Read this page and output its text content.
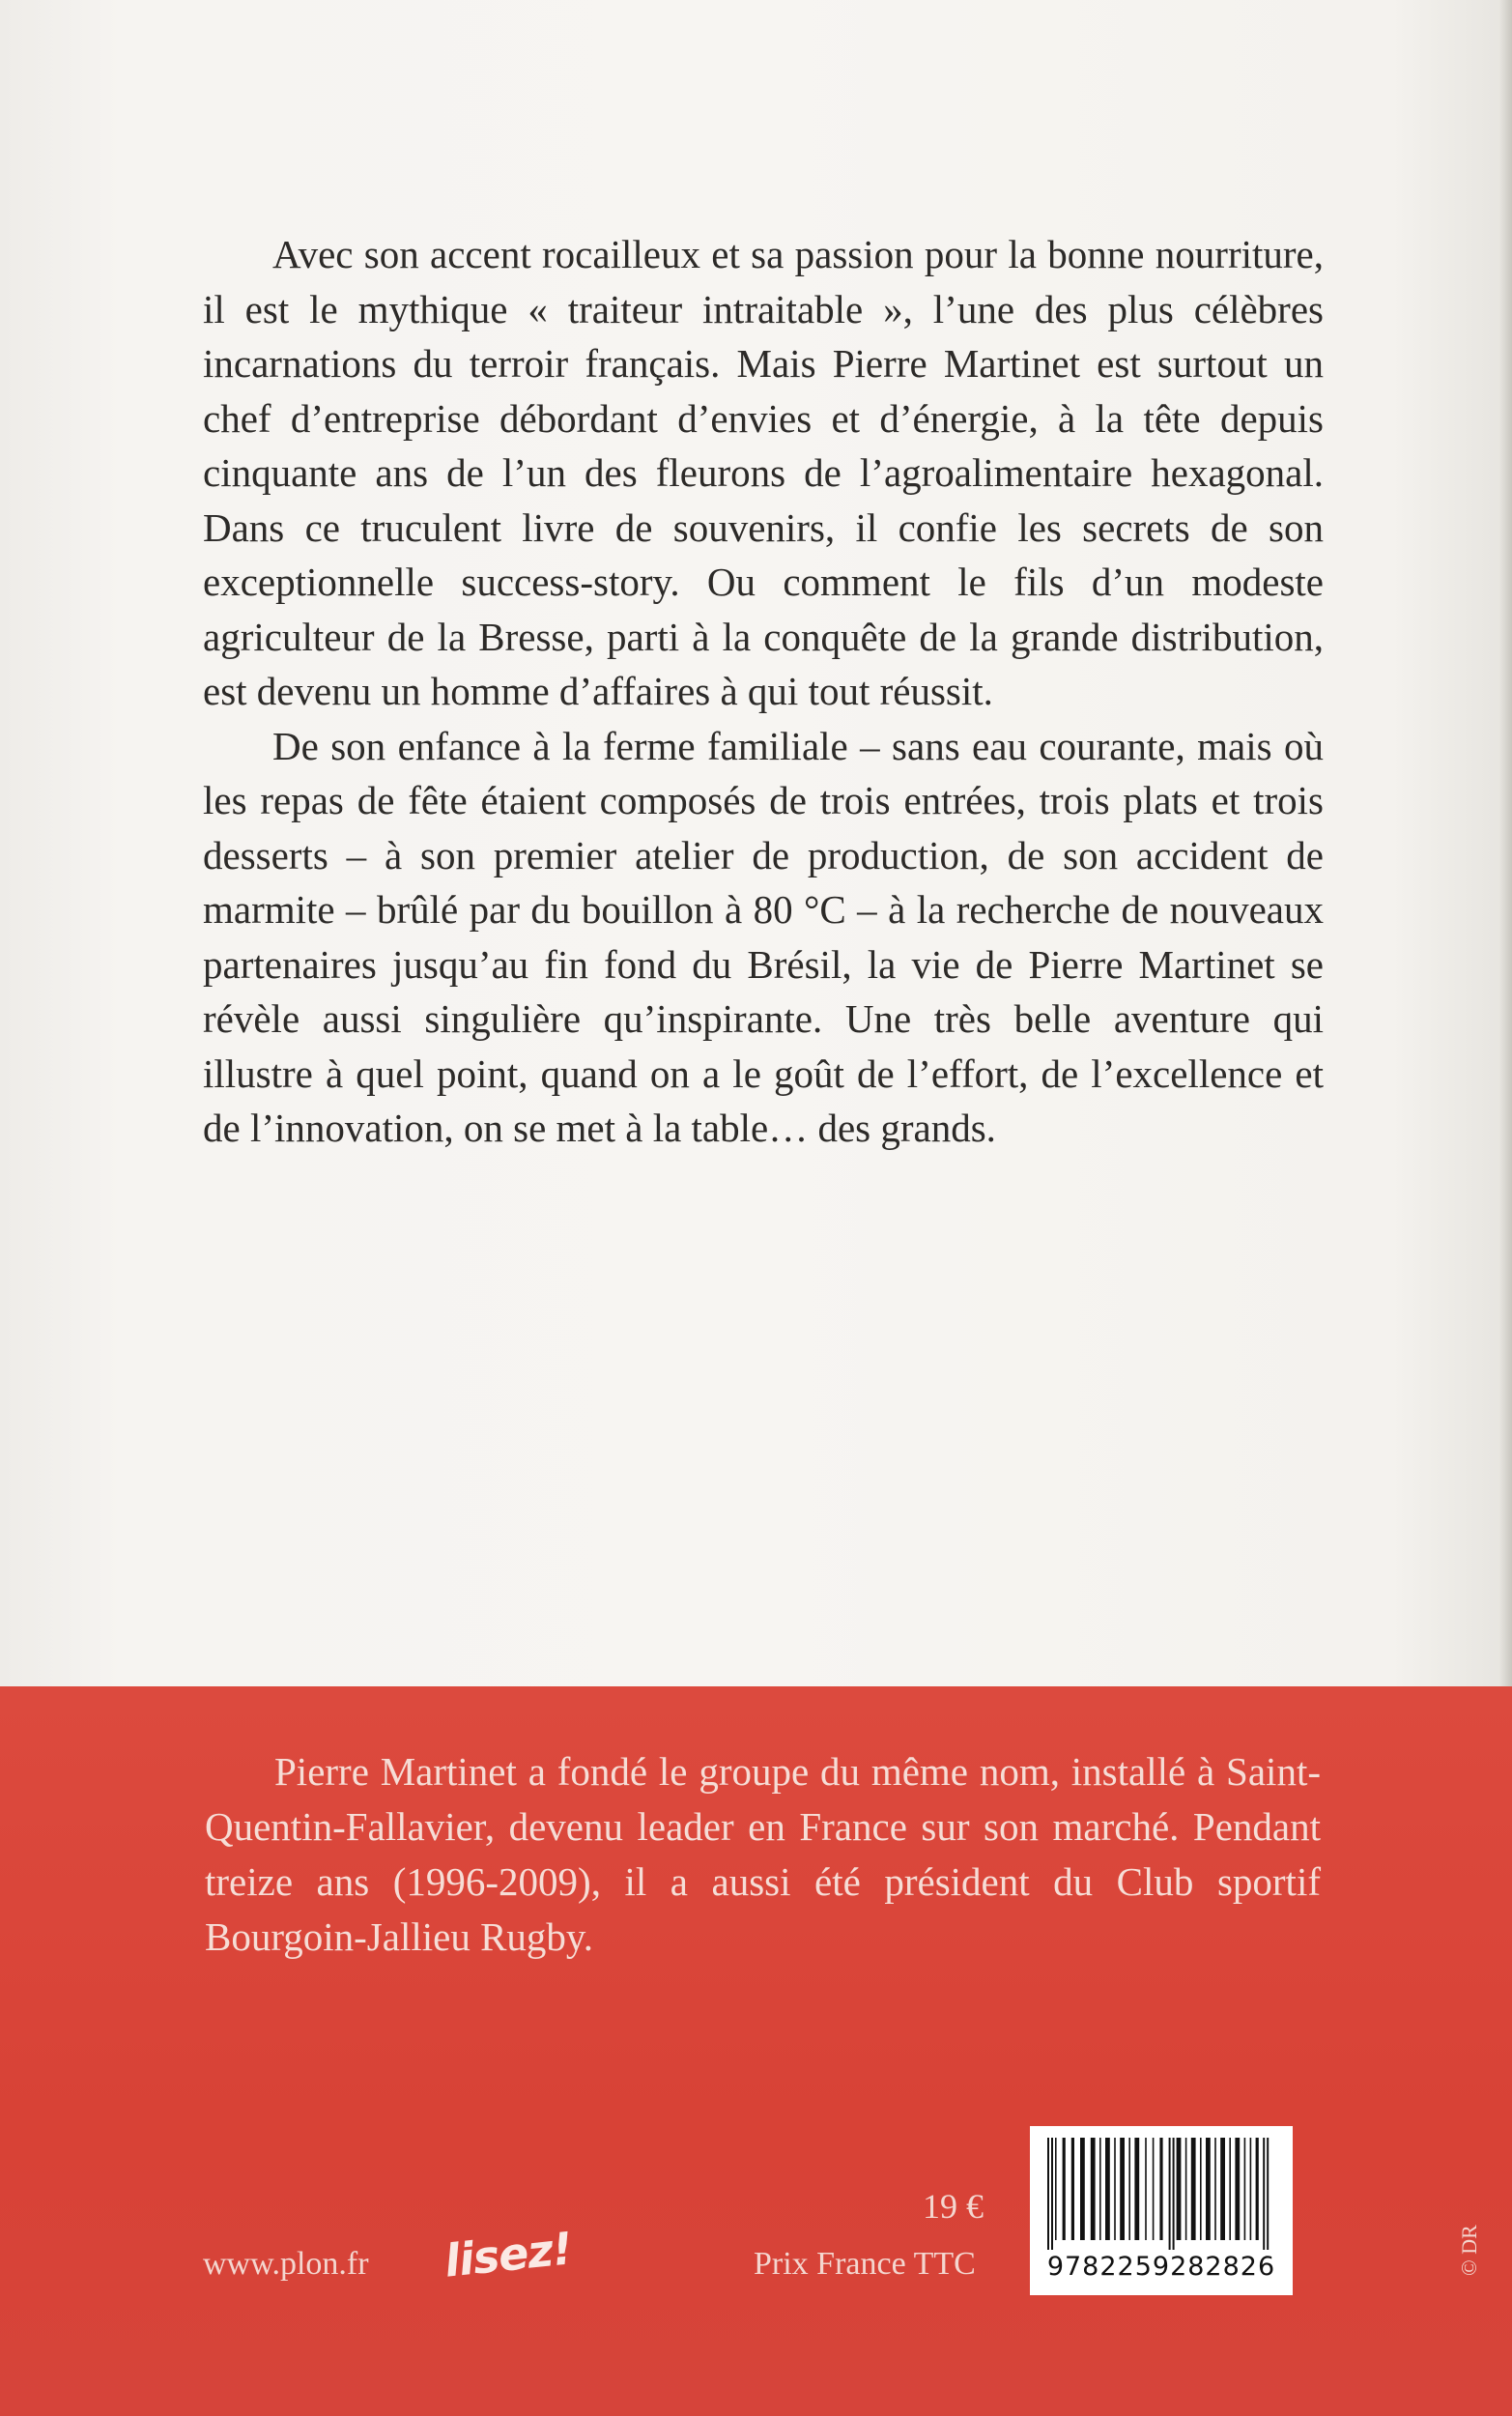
Avec son accent rocailleux et sa passion pour la bonne nourriture, il est le mythique « traiteur intraitable », l’une des plus célèbres incarnations du terroir français. Mais Pierre Martinet est surtout un chef d’entreprise débordant d’envies et d’énergie, à la tête depuis cinquante ans de l’un des fleurons de l’agroalimentaire hexagonal. Dans ce truculent livre de souvenirs, il confie les secrets de son exceptionnelle success-story. Ou comment le fils d’un modeste agriculteur de la Bresse, parti à la conquête de la grande distribution, est devenu un homme d’affaires à qui tout réussit.

De son enfance à la ferme familiale – sans eau courante, mais où les repas de fête étaient composés de trois entrées, trois plats et trois desserts – à son premier atelier de production, de son accident de marmite – brûlé par du bouillon à 80 °C – à la recherche de nouveaux partenaires jusqu’au fin fond du Brésil, la vie de Pierre Martinet se révèle aussi singulière qu’inspirante. Une très belle aventure qui illustre à quel point, quand on a le goût de l’effort, de l’excellence et de l’innovation, on se met à la table… des grands.

Pierre Martinet a fondé le groupe du même nom, installé à Saint-Quentin-Fallavier, devenu leader en France sur son marché. Pendant treize ans (1996-2009), il a aussi été président du Club sportif Bourgoin-Jallieu Rugby.

www.plon.fr lisez!
19 €
Prix France TTC	9782259282826	© DR
